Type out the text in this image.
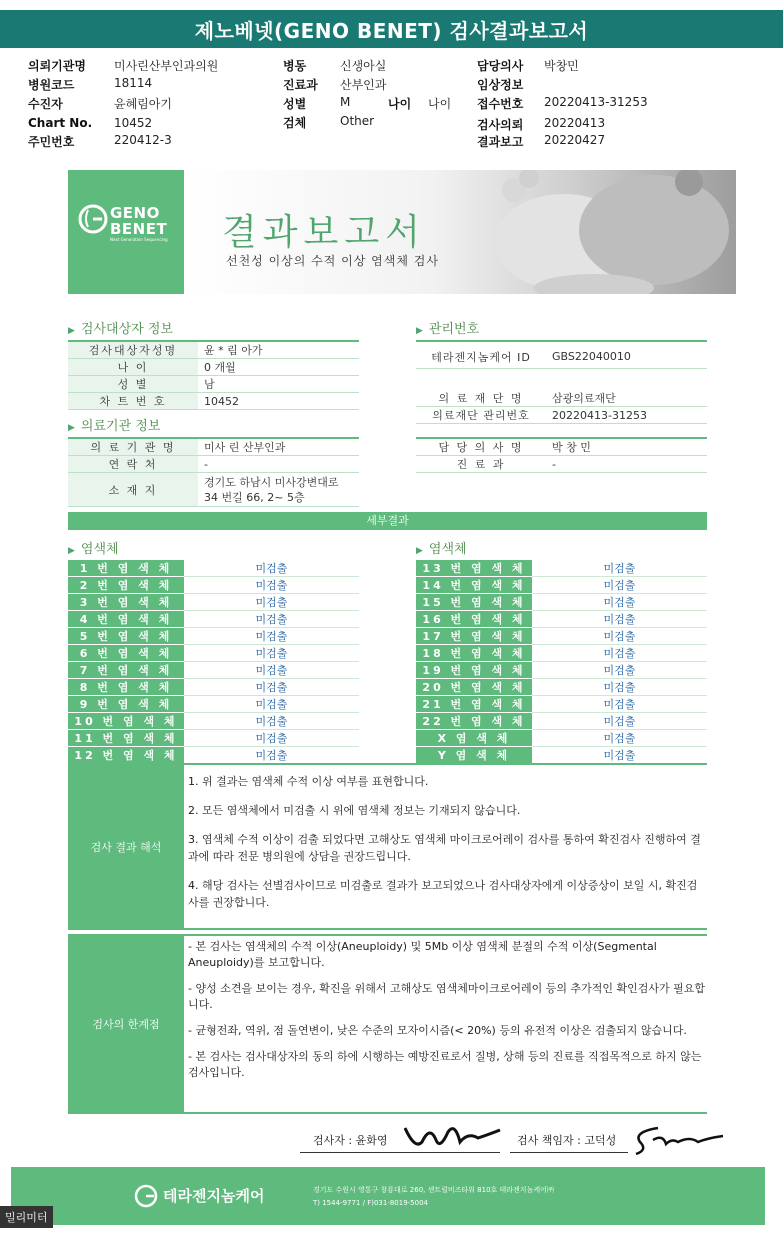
제노베넷(GENO BENET) 검사결과보고서
의뢰기관명 미사린산부인과의원
병원코드	18114
수진자	윤혜림아기
Chart No. 10452
주민번호	220412-3
병동	신생아실
진료과 산부인과
성별	M	나이 나이
검체	Other
담당의사 박창민
임상정보
접수번호 20220413-31253
검사의뢰 20220413
결과보고 20220427
GENO
BENET
Next Generation Sequencing 결과보고서
선천성 이상의 수적 이상 염색체 검사
▶ 검사대상자 정보
검사대상자성명	윤 * 림 아가
나 이	0 개월
성 별	남
차 트 번 호	10452
▶ 관리번호
테라젠지놈케어 ID	GBS22040010

의 료 재 단 명	삼광의료재단
의료재단 관리번호	20220413-31253
▶ 의료기관 정보
의 료 기 관 명	미사 린 산부인과
연 락 처	-
소 재 지	경기도 하남시 미사강변대로 34 번길 66, 2~ 5층
담 당 의 사 명	박 창 민
진 료 과	-
세부결과
▶ 염색체	▶ 염색체
1 번 염 색 체	미검출
2 번 염 색 체	미검출
3 번 염 색 체	미검출
4 번 염 색 체	미검출
5 번 염 색 체	미검출
6 번 염 색 체	미검출
7 번 염 색 체	미검출
8 번 염 색 체	미검출
9 번 염 색 체	미검출
10 번 염 색 체	미검출
11 번 염 색 체	미검출
12 번 염 색 체	미검출
13 번 염 색 체	미검출
14 번 염 색 체	미검출
15 번 염 색 체	미검출
16 번 염 색 체	미검출
17 번 염 색 체	미검출
18 번 염 색 체	미검출
19 번 염 색 체	미검출
20 번 염 색 체	미검출
21 번 염 색 체	미검출
22 번 염 색 체	미검출
X 염 색 체	미검출
Y 염 색 체	미검출
검사 결과 해석

1. 위 결과는 염색체 수적 이상 여부를 표현합니다.

2. 모든 염색체에서 미검출 시 위에 염색체 정보는 기재되지 않습니다.

3. 염색체 수적 이상이 검출 되었다면 고해상도 염색체 마이크로어레이 검사를 통하여 확진검사 진행하여 결과에 따라 전문 병의원에 상담을 권장드립니다.

4. 해당 검사는 선별검사이므로 미검출로 결과가 보고되었으나 검사대상자에게 이상증상이 보일 시, 확진검사를 권장합니다.

검사의 한계점

- 본 검사는 염색체의 수적 이상(Aneuploidy) 및 5Mb 이상 염색체 분절의 수적 이상(Segmental Aneuploidy)를 보고합니다.

- 양성 소견을 보이는 경우, 확진을 위해서 고해상도 염색체마이크로어레이 등의 추가적인 확인검사가 필요합니다.

- 균형전좌, 역위, 점 돌연변이, 낮은 수준의 모자이시즘(< 20%) 등의 유전적 이상은 검출되지 않습니다.

- 본 검사는 검사대상자의 동의 하에 시행하는 예방진료로서 질병, 상해 등의 진료를 직접목적으로 하지 않는 검사입니다.

검사자 : 윤화영	검사 책임자 : 고덕성
테라젠지놈케어	경기도 수원시 영통구 창룡대로 260, 센트럴비즈타워 810호 테라젠지놈케어㈜
T) 1544-9771 / F)031-8019-5004
밀리미터
